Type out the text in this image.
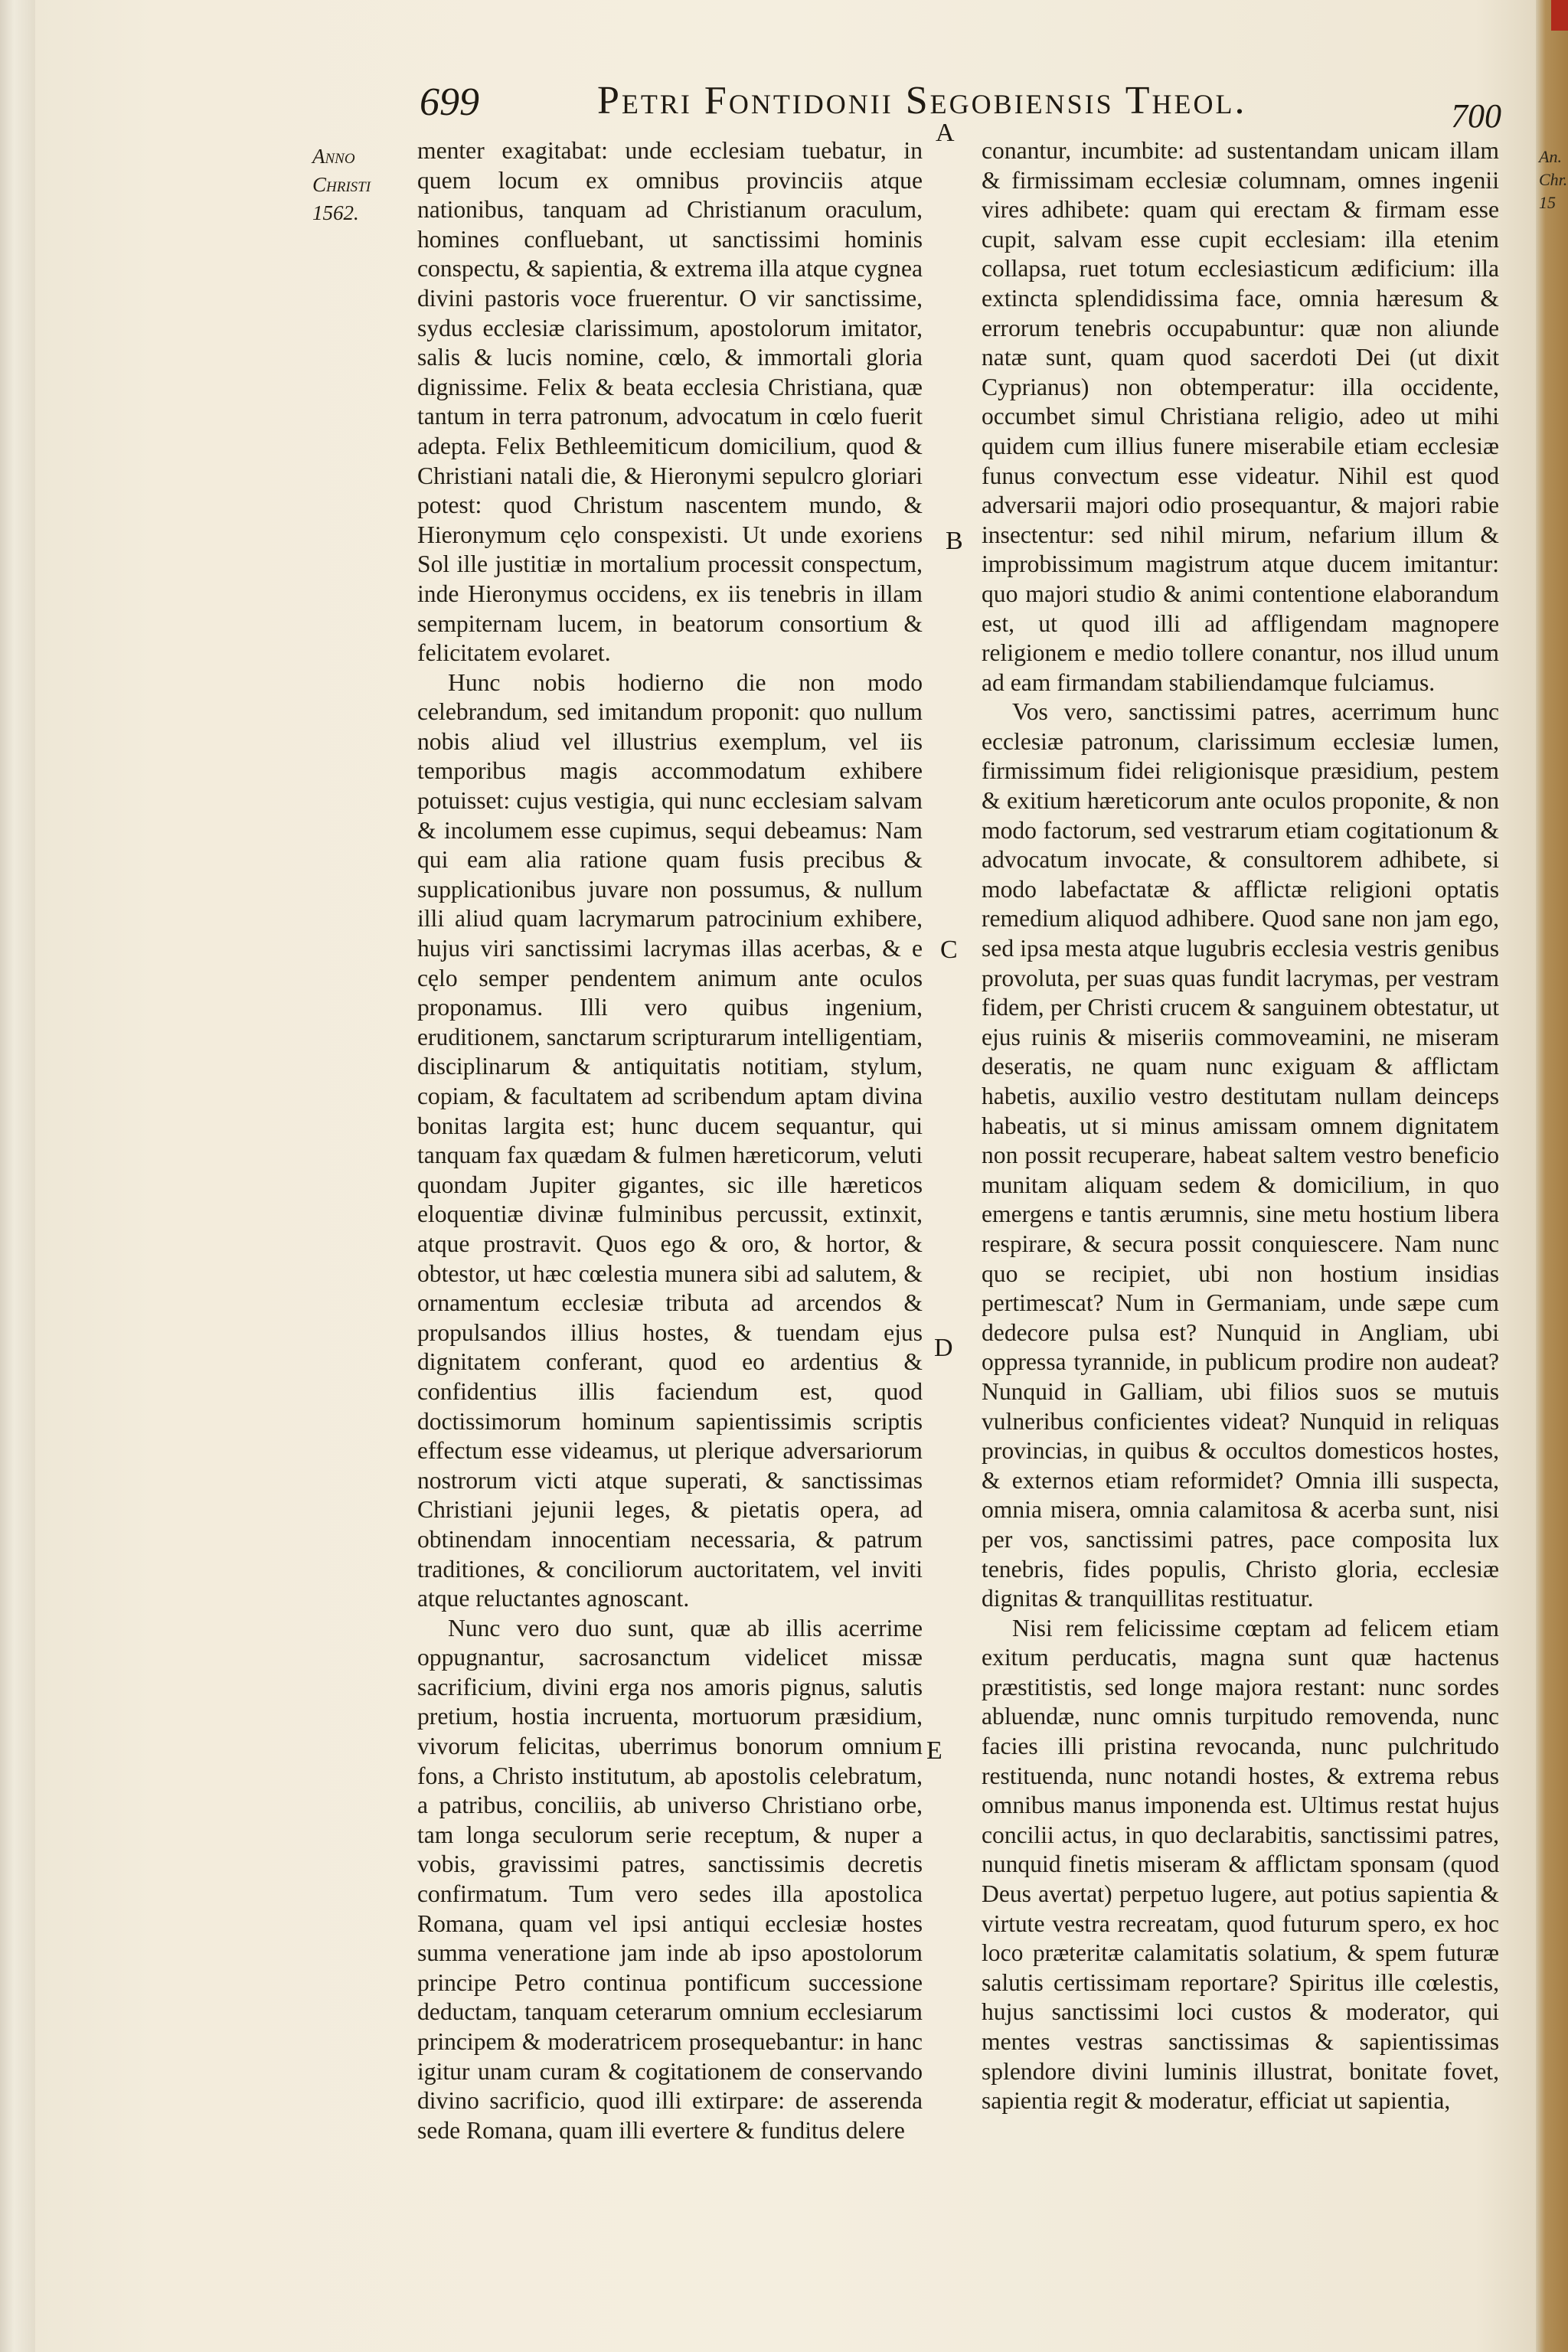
An. Chr. 15
699	Petri Fontidonii Segobiensis Theol.	700
Anno
Christi
1562.

menter exagitabat: unde ecclesiam tuebatur, in quem locum ex omnibus provinciis atque nationibus, tanquam ad Christianum oraculum, homines confluebant, ut sanctissimi hominis conspectu, & sapientia, & extrema illa atque cygnea divini pastoris voce fruerentur. O vir sanctissime, sydus ecclesiæ clarissimum, apostolorum imitator, salis & lucis nomine, cœlo, & immortali gloria dignissime. Felix & beata ecclesia Christiana, quæ tantum in terra patronum, advocatum in cœlo fuerit adepta. Felix Bethleemiticum domicilium, quod & Christiani natali die, & Hieronymi sepulcro gloriari potest: quod Christum nascentem mundo, & Hieronymum cęlo conspexisti. Ut unde exoriens Sol ille justitiæ in mortalium processit conspectum, inde Hieronymus occidens, ex iis tenebris in illam sempiternam lucem, in beatorum consortium & felicitatem evolaret.

Hunc nobis hodierno die non modo celebrandum, sed imitandum proponit: quo nullum nobis aliud vel illustrius exemplum, vel iis temporibus magis accommodatum exhibere potuisset: cujus vestigia, qui nunc ecclesiam salvam & incolumem esse cupimus, sequi debeamus: Nam qui eam alia ratione quam fusis precibus & supplicationibus juvare non possumus, & nullum illi aliud quam lacrymarum patrocinium exhibere, hujus viri sanctissimi lacrymas illas acerbas, & e cęlo semper pendentem animum ante oculos proponamus. Illi vero quibus ingenium, eruditionem, sanctarum scripturarum intelligentiam, disciplinarum & antiquitatis notitiam, stylum, copiam, & facultatem ad scribendum aptam divina bonitas largita est; hunc ducem sequantur, qui tanquam fax quædam & fulmen hæreticorum, veluti quondam Jupiter gigantes, sic ille hæreticos eloquentiæ divinæ fulminibus percussit, extinxit, atque prostravit. Quos ego & oro, & hortor, & obtestor, ut hæc cœlestia munera sibi ad salutem, & ornamentum ecclesiæ tributa ad arcendos & propulsandos illius hostes, & tuendam ejus dignitatem conferant, quod eo ardentius & confidentius illis faciendum est, quod doctissimorum hominum sapientissimis scriptis effectum esse videamus, ut plerique adversariorum nostrorum victi atque superati, & sanctissimas Christiani jejunii leges, & pietatis opera, ad obtinendam innocentiam necessaria, & patrum traditiones, & conciliorum auctoritatem, vel inviti atque reluctantes agnoscant.

Nunc vero duo sunt, quæ ab illis acerrime oppugnantur, sacrosanctum videlicet missæ sacrificium, divini erga nos amoris pignus, salutis pretium, hostia incruenta, mortuorum præsidium, vivorum felicitas, uberrimus bonorum omnium fons, a Christo institutum, ab apostolis celebratum, a patribus, conciliis, ab universo Christiano orbe, tam longa seculorum serie receptum, & nuper a vobis, gravissimi patres, sanctissimis decretis confirmatum. Tum vero sedes illa apostolica Romana, quam vel ipsi antiqui ecclesiæ hostes summa veneratione jam inde ab ipso apostolorum principe Petro continua pontificum successione deductam, tanquam ceterarum omnium ecclesiarum principem & moderatricem prosequebantur: in hanc igitur unam curam & cogitationem de conservando divino sacrificio, quod illi extirpare: de asserenda sede Romana, quam illi evertere & funditus delere

conantur, incumbite: ad sustentandam unicam illam & firmissimam ecclesiæ columnam, omnes ingenii vires adhibete: quam qui erectam & firmam esse cupit, salvam esse cupit ecclesiam: illa etenim collapsa, ruet totum ecclesiasticum ædificium: illa extincta splendidissima face, omnia hæresum & errorum tenebris occupabuntur: quæ non aliunde natæ sunt, quam quod sacerdoti Dei (ut dixit Cyprianus) non obtemperatur: illa occidente, occumbet simul Christiana religio, adeo ut mihi quidem cum illius funere miserabile etiam ecclesiæ funus convectum esse videatur. Nihil est quod adversarii majori odio prosequantur, & majori rabie insectentur: sed nihil mirum, nefarium illum & improbissimum magistrum atque ducem imitantur: quo majori studio & animi contentione elaborandum est, ut quod illi ad affligendam magnopere religionem e medio tollere conantur, nos illud unum ad eam firmandam stabiliendamque fulciamus.

Vos vero, sanctissimi patres, acerrimum hunc ecclesiæ patronum, clarissimum ecclesiæ lumen, firmissimum fidei religionisque præsidium, pestem & exitium hæreticorum ante oculos proponite, & non modo factorum, sed vestrarum etiam cogitationum & advocatum invocate, & consultorem adhibete, si modo labefactatæ & afflictæ religioni optatis remedium aliquod adhibere. Quod sane non jam ego, sed ipsa mesta atque lugubris ecclesia vestris genibus provoluta, per suas quas fundit lacrymas, per vestram fidem, per Christi crucem & sanguinem obtestatur, ut ejus ruinis & miseriis commoveamini, ne miseram deseratis, ne quam nunc exiguam & afflictam habetis, auxilio vestro destitutam nullam deinceps habeatis, ut si minus amissam omnem dignitatem non possit recuperare, habeat saltem vestro beneficio munitam aliquam sedem & domicilium, in quo emergens e tantis ærumnis, sine metu hostium libera respirare, & secura possit conquiescere. Nam nunc quo se recipiet, ubi non hostium insidias pertimescat? Num in Germaniam, unde sæpe cum dedecore pulsa est? Nunquid in Angliam, ubi oppressa tyrannide, in publicum prodire non audeat? Nunquid in Galliam, ubi filios suos se mutuis vulneribus conficientes videat? Nunquid in reliquas provincias, in quibus & occultos domesticos hostes, & externos etiam reformidet? Omnia illi suspecta, omnia misera, omnia calamitosa & acerba sunt, nisi per vos, sanctissimi patres, pace composita lux tenebris, fides populis, Christo gloria, ecclesiæ dignitas & tranquillitas restituatur.

Nisi rem felicissime cœptam ad felicem etiam exitum perducatis, magna sunt quæ hactenus præstitistis, sed longe majora restant: nunc sordes abluendæ, nunc omnis turpitudo removenda, nunc facies illi pristina revocanda, nunc pulchritudo restituenda, nunc notandi hostes, & extrema rebus omnibus manus imponenda est. Ultimus restat hujus concilii actus, in quo declarabitis, sanctissimi patres, nunquid finetis miseram & afflictam sponsam (quod Deus avertat) perpetuo lugere, aut potius sapientia & virtute vestra recreatam, quod futurum spero, ex hoc loco præteritæ calamitatis solatium, & spem futuræ salutis certissimam reportare? Spiritus ille cœlestis, hujus sanctissimi loci custos & moderator, qui mentes vestras sanctissimas & sapientissimas splendore divini luminis illustrat, bonitate fovet, sapientia regit & moderatur, efficiat ut sapientia,

A
B
C
D
E
